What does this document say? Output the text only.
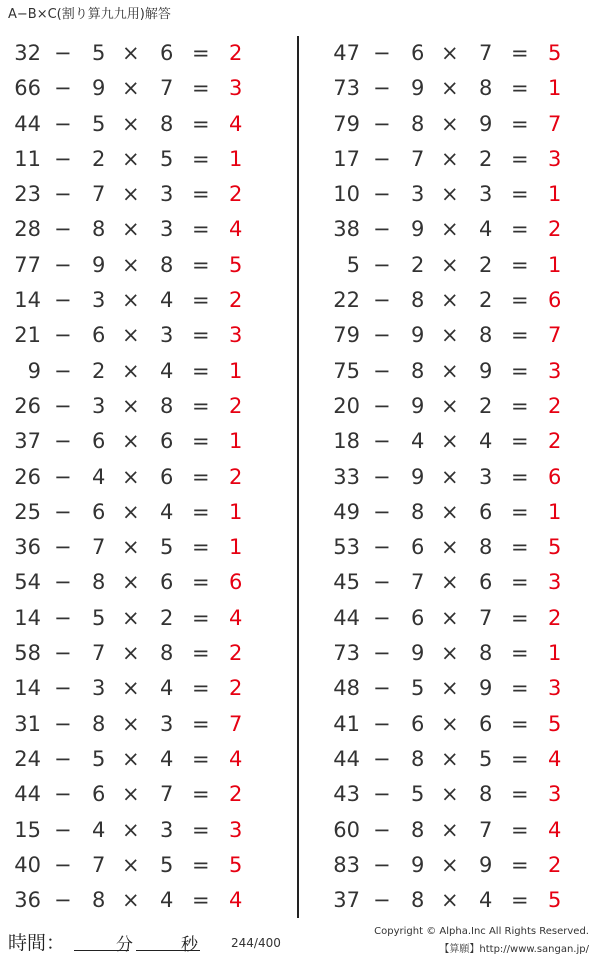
A−B×C(割り算九九用)解答
32 − 5 × 6 = 2
66 − 9 × 7 = 3
44 − 5 × 8 = 4
11 − 2 × 5 = 1
23 − 7 × 3 = 2
28 − 8 × 3 = 4
77 − 9 × 8 = 5
14 − 3 × 4 = 2
21 − 6 × 3 = 3
9 − 2 × 4 = 1
26 − 3 × 8 = 2
37 − 6 × 6 = 1
26 − 4 × 6 = 2
25 − 6 × 4 = 1
36 − 7 × 5 = 1
54 − 8 × 6 = 6
14 − 5 × 2 = 4
58 − 7 × 8 = 2
14 − 3 × 4 = 2
31 − 8 × 3 = 7
24 − 5 × 4 = 4
44 − 6 × 7 = 2
15 − 4 × 3 = 3
40 − 7 × 5 = 5
36 − 8 × 4 = 4
47 − 6 × 7 = 5
73 − 9 × 8 = 1
79 − 8 × 9 = 7
17 − 7 × 2 = 3
10 − 3 × 3 = 1
38 − 9 × 4 = 2
5 − 2 × 2 = 1
22 − 8 × 2 = 6
79 − 9 × 8 = 7
75 − 8 × 9 = 3
20 − 9 × 2 = 2
18 − 4 × 4 = 2
33 − 9 × 3 = 6
49 − 8 × 6 = 1
53 − 6 × 8 = 5
45 − 7 × 6 = 3
44 − 6 × 7 = 2
73 − 9 × 8 = 1
48 − 5 × 9 = 3
41 − 6 × 6 = 5
44 − 8 × 5 = 4
43 − 5 × 8 = 3
60 − 8 × 7 = 4
83 − 9 × 9 = 2
37 − 8 × 4 = 5
時間：	分	秒	244/400
Copyright © Alpha.Inc All Rights Reserved.
【算願】http://www.sangan.jp/
